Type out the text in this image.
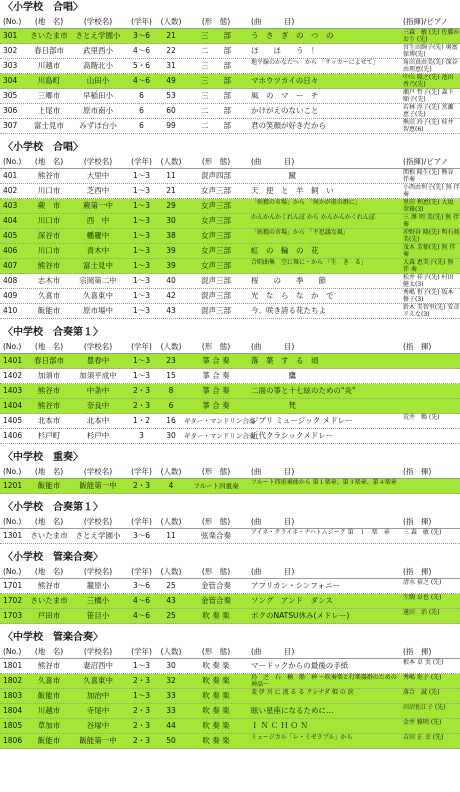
〈小学校　合唱〉
(No.)	(地　名)	(学校名)	(学年)	(人数)	(形　態)	(曲　　　目)	(指揮)/ピアノ
301	さいたま市	さとえ学園小	3～6	21	三　　部	う　さ　ぎ　の　つ　の	三森　敏 (先) 佐藤かおり (先)
302	春日部市	武里西小	4～6	22	二　　部	ほ　　ほ　　う　！	宮生田絢子(先) 奥富 保博(先)
303	川越市	高階北小	5・6	31	三　　部	地平線のかなたへ　から 「サッカーによせて」	角田真由美(先) 深谷由理恵(先)
304	川島町	山田小	4～6	49	三　　部	マホウツカイの日々	中山 隆之(先) 池田 香乃(先)
305	三郷市	早稲田小	6	53	三　　部	風　の　マ　ー　チ	瀬戸 哲子(先) 森下 順子(先)
306	上尾市	原市南小	6	60	二　　部	かけがえのないこと	若林 淳子(先) 宮瀬 恵子(先)
307	富士見市	みずほ台小	6	99	二　　部	君の笑顔が好きだから	熊田 玲子(先) 桂井 智恵(6)
〈小学校　合唱〉
(No.)	(地　名)	(学校名)	(学年)	(人数)	(形　態)	(曲　　　目)	(指揮)/ピアノ
401	熊谷市	大里中	1～3	11	混声四部	　　　　　蹴	関根 隆生(先) 熊谷 伴奏
402	川口市	芝西中	1～3	21	女声三部	天　使　と　羊　飼　い	小西由利子(先) 無 伴 奏
403	蕨　市	蕨第一中	1～3	29	女声三部	「妖精の市場」から 「何かが虚の群に」	里田 利恵(先) 大坂 翠雅(3)
404	川口市	西　中	1～3	30	女声三部	かんかんかくれんぼ から かんかんかくれんぼ	三 澤 明 美(先) 無 伴 奏
405	深谷市	幡羅中	1～3	38	女声三部	「妖精の市場」から 「不思議な風」	沖野谷 隆(先) 明石亜美(先)
406	川口市	青木中	1～3	39	女声三部	虹　の　輪　の　花	茂木 芳郁(先) 無 伴 奏
407	熊谷市	富士見中	1～3	39	女声三部	合唱曲集　空に舞に・から 「生　き　る」	大森 恵美子(先) 無 伴 奏
408	志木市	宗岡第二中	1～3	40	混声三部	桜　　の　　季　　節	松井 祥子(先) 村田 健太(3)
409	久喜市	久喜東中	1～3	42	混声三部	光　な　ら　な　か　で	秀嶋 恒子(先) 坂本 修子(3)
410	飯能市	原市場中	1～3	43	混声三部	今、咲き誇る花たちよ	鈴木 美智里(先) 安彦 リえな(3)
〈中学校　合奏第１〉
(No.)	(地　名)	(学校名)	(学年)	(人数)	(形　態)	(曲　　　目)	(指　揮)
1401	春日部市	豊春中	1～3	23	箏 合 奏	落　葉　す　る　頃
1402	加須市	加須平成中	1～3	15	箏 合 奏	　　　　　鷹
1403	熊谷市	中条中	2・3	8	箏 合 奏	二面の箏と十七絃のための"炎"
1404	熊谷市	奈良中	2・3	6	箏 合 奏	　　　　　梵
1405	北本市	北本中	1・2	16	ギター・マンドリン合奏
ジブリ ミュージック メドレー	荒井　暢 (先)
1406	杉戸町	杉戸中	3	30	ギター・マンドリン合奏
近代クラシックメドレー
〈中学校　重奏〉
(No.)	(地　名)	(学校名)	(学年)	(人数)	(形　態)	(曲　　　目)	(指　揮)
1201	飯能市	飯能第一中	2・3	4	フルート四重奏	フルート四重奏曲から 第１楽章、第３楽章、第４楽章
〈小学校　合奏第１〉
(No.)	(地　名)	(学校名)	(学年)	(人数)	(形　態)	(曲　　　目)	(指　揮)
1301	さいたま市	さとえ学園小	3～6	11	弦楽合奏	アイネ・クライネ・ナハトムジーク 第　１　楽　章	三 森　敏 (先)
〈小学校　管楽合奏〉
(No.)	(地　名)	(学校名)	(学年)	(人数)	(形　態)	(曲　　　目)	(指　揮)
1701	熊谷市	籠原小	3～6	25	金管合奏	アフリカン・シンフォニー	清水 裕之 (先)
1702	さいたま市	三橋小	4～6	43	金管合奏	ソング　アンド　ダンス	生駒 卓也 (先)
1703	戸田市	笹目小	4～6	25	吹 奏 楽	ボクのNATSU休み(メドレー)	遠田　治 (先)
〈中学校　管楽合奏〉
(No.)	(地　名)	(学校名)	(学年)	(人数)	(形　態)	(曲　　　目)	(指　揮)
1801	熊谷市	妻沼西中	1～3	30	吹 奏 楽	マードックからの最後の手紙	根本 卓 実 (先)
1802	久喜市	久喜東中	2・3	32	吹 奏 楽	鳥　之　石　楠　船　神 ～吹奏楽と打楽器群のための神話～
秀嶋 矩子 (先)
1803	飯能市	加治中	1～3	33	吹 奏 楽	斐 伊 川 に 流 る る クシナダ 姫 の 涙	落合　誠 (先)
1804	川越市	寺尾中	2・3	33	吹 奏 楽	眩い星座になるために…	田沼佐江子 (先)
1805	草加市	谷塚中	2・3	44	吹 奏 楽	Ｉ Ｎ Ｃ Ｈ Ｏ Ｎ	金井 雅明 (先)
1806	飯能市	飯能第一中	2・3	50	吹 奏 楽	ミュージカル「レ・ミゼラブル」から	吉田 正 幸 (先)
